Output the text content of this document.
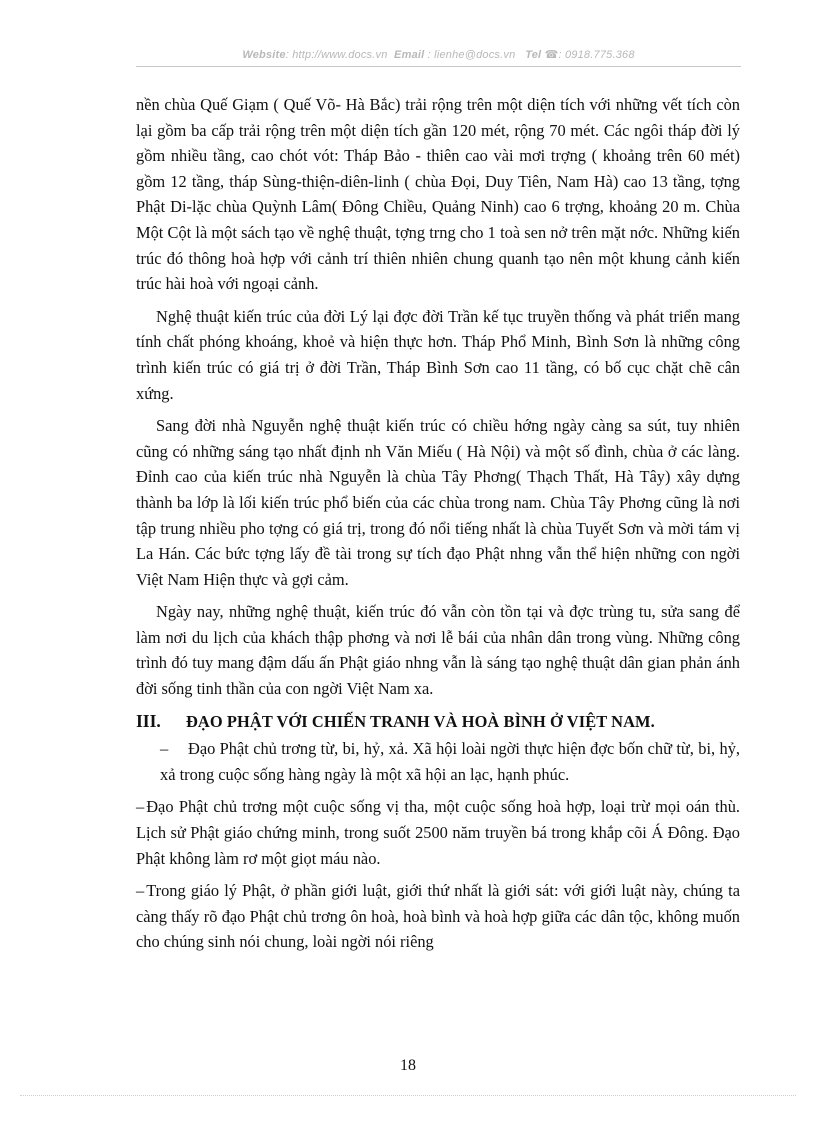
Website: http://www.docs.vn Email : lienhe@docs.vn Tel ☎: 0918.775.368

nền chùa Quế Giạm ( Quế Võ- Hà Bắc) trải rộng trên một diện tích với những vết tích còn lại gồm ba cấp trải rộng trên một diện tích gần 120 mét, rộng 70 mét. Các ngôi tháp đời lý gồm nhiều tầng, cao chót vót: Tháp Bảo - thiên cao vài mơi trợng ( khoảng trên 60 mét) gồm 12 tầng, tháp Sùng-thiện-diên-linh ( chùa Đọi, Duy Tiên, Nam Hà) cao 13 tầng, tợng Phật Di-lặc chùa Quỳnh Lâm( Đông Chiều, Quảng Ninh) cao 6 trợng, khoảng 20 m. Chùa Một Cột là một sách tạo về nghệ thuật, tợng trng cho 1 toà sen nở trên mặt nớc. Những kiến trúc đó thông hoà hợp với cảnh trí thiên nhiên chung quanh tạo nên một khung cảnh kiến trúc hài hoà với ngoại cảnh.

Nghệ thuật kiến trúc của đời Lý lại đợc đời Trần kế tục truyền thống và phát triển mang tính chất phóng khoáng, khoẻ và hiện thực hơn. Tháp Phổ Minh, Bình Sơn là những công trình kiến trúc có giá trị ở đời Trần, Tháp Bình Sơn cao 11 tầng, có bố cục chặt chẽ cân xứng.

Sang đời nhà Nguyễn nghệ thuật kiến trúc có chiều hớng ngày càng sa sút, tuy nhiên cũng có những sáng tạo nhất định nh Văn Miếu ( Hà Nội) và một số đình, chùa ở các làng. Đỉnh cao của kiến trúc nhà Nguyễn là chùa Tây Phơng( Thạch Thất, Hà Tây) xây dựng thành ba lớp là lối kiến trúc phổ biến của các chùa trong nam. Chùa Tây Phơng cũng là nơi tập trung nhiều pho tợng có giá trị, trong đó nổi tiếng nhất là chùa Tuyết Sơn và mời tám vị La Hán. Các bức tợng lấy đề tài trong sự tích đạo Phật nhng vẫn thể hiện những con ngời Việt Nam Hiện thực và gợi cảm.

Ngày nay, những nghệ thuật, kiến trúc đó vẫn còn tồn tại và đợc trùng tu, sửa sang để làm nơi du lịch của khách thập phơng và nơi lễ bái của nhân dân trong vùng. Những công trình đó tuy mang đậm dấu ấn Phật giáo nhng vẫn là sáng tạo nghệ thuật dân gian phản ánh đời sống tinh thần của con ngời Việt Nam xa.

III.	ĐẠO PHẬT VỚI CHIẾN TRANH VÀ HOÀ BÌNH Ở VIỆT NAM.

– Đạo Phật chủ trơng từ, bi, hỷ, xả. Xã hội loài ngời thực hiện đợc bốn chữ từ, bi, hỷ, xả trong cuộc sống hàng ngày là một xã hội an lạc, hạnh phúc.

– Đạo Phật chủ trơng một cuộc sống vị tha, một cuộc sống hoà hợp, loại trừ mọi oán thù. Lịch sử Phật giáo chứng minh, trong suốt 2500 năm truyền bá trong khắp cõi Á Đông. Đạo Phật không làm rơ một giọt máu nào.

– Trong giáo lý Phật, ở phần giới luật, giới thứ nhất là giới sát: với giới luật này, chúng ta càng thấy rõ đạo Phật chủ trơng ôn hoà, hoà bình và hoà hợp giữa các dân tộc, không muốn cho chúng sinh nói chung, loài ngời nói riêng

18
